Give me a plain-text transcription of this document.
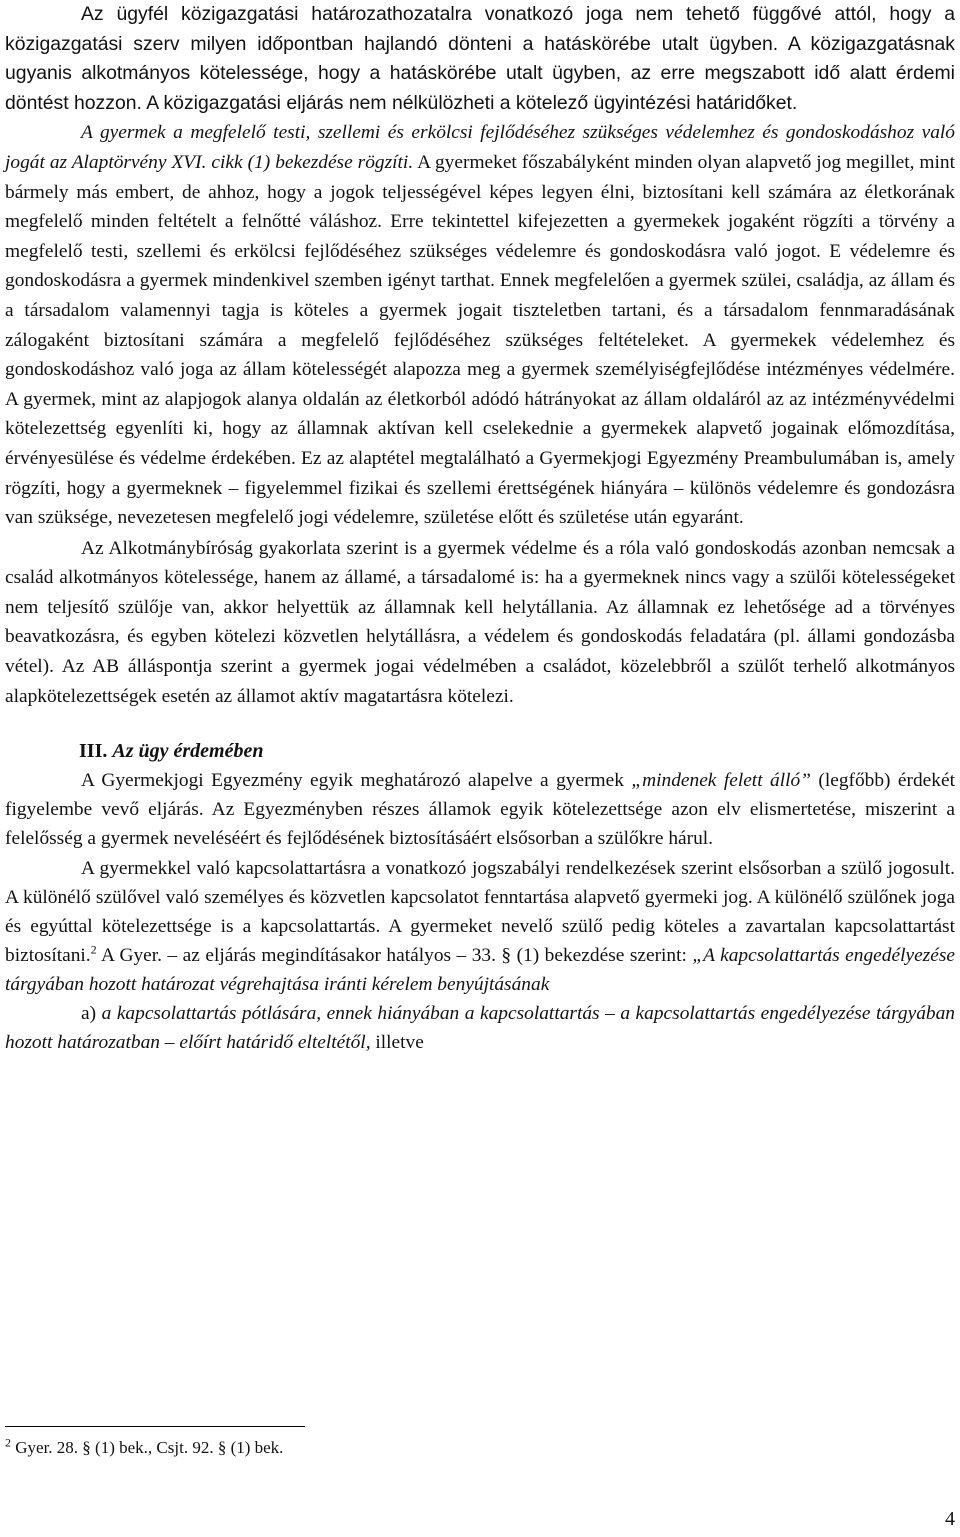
Az ügyfél közigazgatási határozathozatalra vonatkozó joga nem tehető függővé attól, hogy a közigazgatási szerv milyen időpontban hajlandó dönteni a hatáskörébe utalt ügyben. A közigazgatásnak ugyanis alkotmányos kötelessége, hogy a hatáskörébe utalt ügyben, az erre megszabott idő alatt érdemi döntést hozzon. A közigazgatási eljárás nem nélkülözheti a kötelező ügyintézési határidőket.

A gyermek a megfelelő testi, szellemi és erkölcsi fejlődéséhez szükséges védelemhez és gondoskodáshoz való jogát az Alaptörvény XVI. cikk (1) bekezdése rögzíti. A gyermeket főszabályként minden olyan alapvető jog megillet, mint bármely más embert, de ahhoz, hogy a jogok teljességével képes legyen élni, biztosítani kell számára az életkorának megfelelő minden feltételt a felnőtté váláshoz. Erre tekintettel kifejezetten a gyermekek jogaként rögzíti a törvény a megfelelő testi, szellemi és erkölcsi fejlődéséhez szükséges védelemre és gondoskodásra való jogot. E védelemre és gondoskodásra a gyermek mindenkivel szemben igényt tarthat. Ennek megfelelően a gyermek szülei, családja, az állam és a társadalom valamennyi tagja is köteles a gyermek jogait tiszteletben tartani, és a társadalom fennmaradásának zálogaként biztosítani számára a megfelelő fejlődéséhez szükséges feltételeket. A gyermekek védelemhez és gondoskodáshoz való joga az állam kötelességét alapozza meg a gyermek személyiségfejlődése intézményes védelmére. A gyermek, mint az alapjogok alanya oldalán az életkorból adódó hátrányokat az állam oldaláról az az intézményvédelmi kötelezettség egyenlíti ki, hogy az államnak aktívan kell cselekednie a gyermekek alapvető jogainak előmozdítása, érvényesülése és védelme érdekében. Ez az alaptétel megtalálható a Gyermekjogi Egyezmény Preambulumában is, amely rögzíti, hogy a gyermeknek – figyelemmel fizikai és szellemi érettségének hiányára – különös védelemre és gondozásra van szüksége, nevezetesen megfelelő jogi védelemre, születése előtt és születése után egyaránt.

Az Alkotmánybíróság gyakorlata szerint is a gyermek védelme és a róla való gondoskodás azonban nemcsak a család alkotmányos kötelessége, hanem az államé, a társadalomé is: ha a gyermeknek nincs vagy a szülői kötelességeket nem teljesítő szülője van, akkor helyettük az államnak kell helytállania. Az államnak ez lehetősége ad a törvényes beavatkozásra, és egyben kötelezi közvetlen helytállásra, a védelem és gondoskodás feladatára (pl. állami gondozásba vétel). Az AB álláspontja szerint a gyermek jogai védelmében a családot, közelebbről a szülőt terhelő alkotmányos alapkötelezettségek esetén az államot aktív magatartásra kötelezi.

III. Az ügy érdemében

A Gyermekjogi Egyezmény egyik meghatározó alapelve a gyermek „mindenek felett álló” (legfőbb) érdekét figyelembe vevő eljárás. Az Egyezményben részes államok egyik kötelezettsége azon elv elismertetése, miszerint a felelősség a gyermek neveléséért és fejlődésének biztosításáért elsősorban a szülőkre hárul.

A gyermekkel való kapcsolattartásra a vonatkozó jogszabályi rendelkezések szerint elsősorban a szülő jogosult. A különélő szülővel való személyes és közvetlen kapcsolatot fenntartása alapvető gyermeki jog. A különélő szülőnek joga és egyúttal kötelezettsége is a kapcsolattartás. A gyermeket nevelő szülő pedig köteles a zavartalan kapcsolattartást biztosítani.$^2$ A Gyer. – az eljárás megindításakor hatályos – 33. § (1) bekezdése szerint: „A kapcsolattartás engedélyezése tárgyában hozott határozat végrehajtása iránti kérelem benyújtásának

a) a kapcsolattartás pótlására, ennek hiányában a kapcsolattartás – a kapcsolattartás engedélyezése tárgyában hozott határozatban – előírt határidő elteltétől, illetve

$^2$ Gyer. 28. § (1) bek., Csjt. 92. § (1) bek.
4
